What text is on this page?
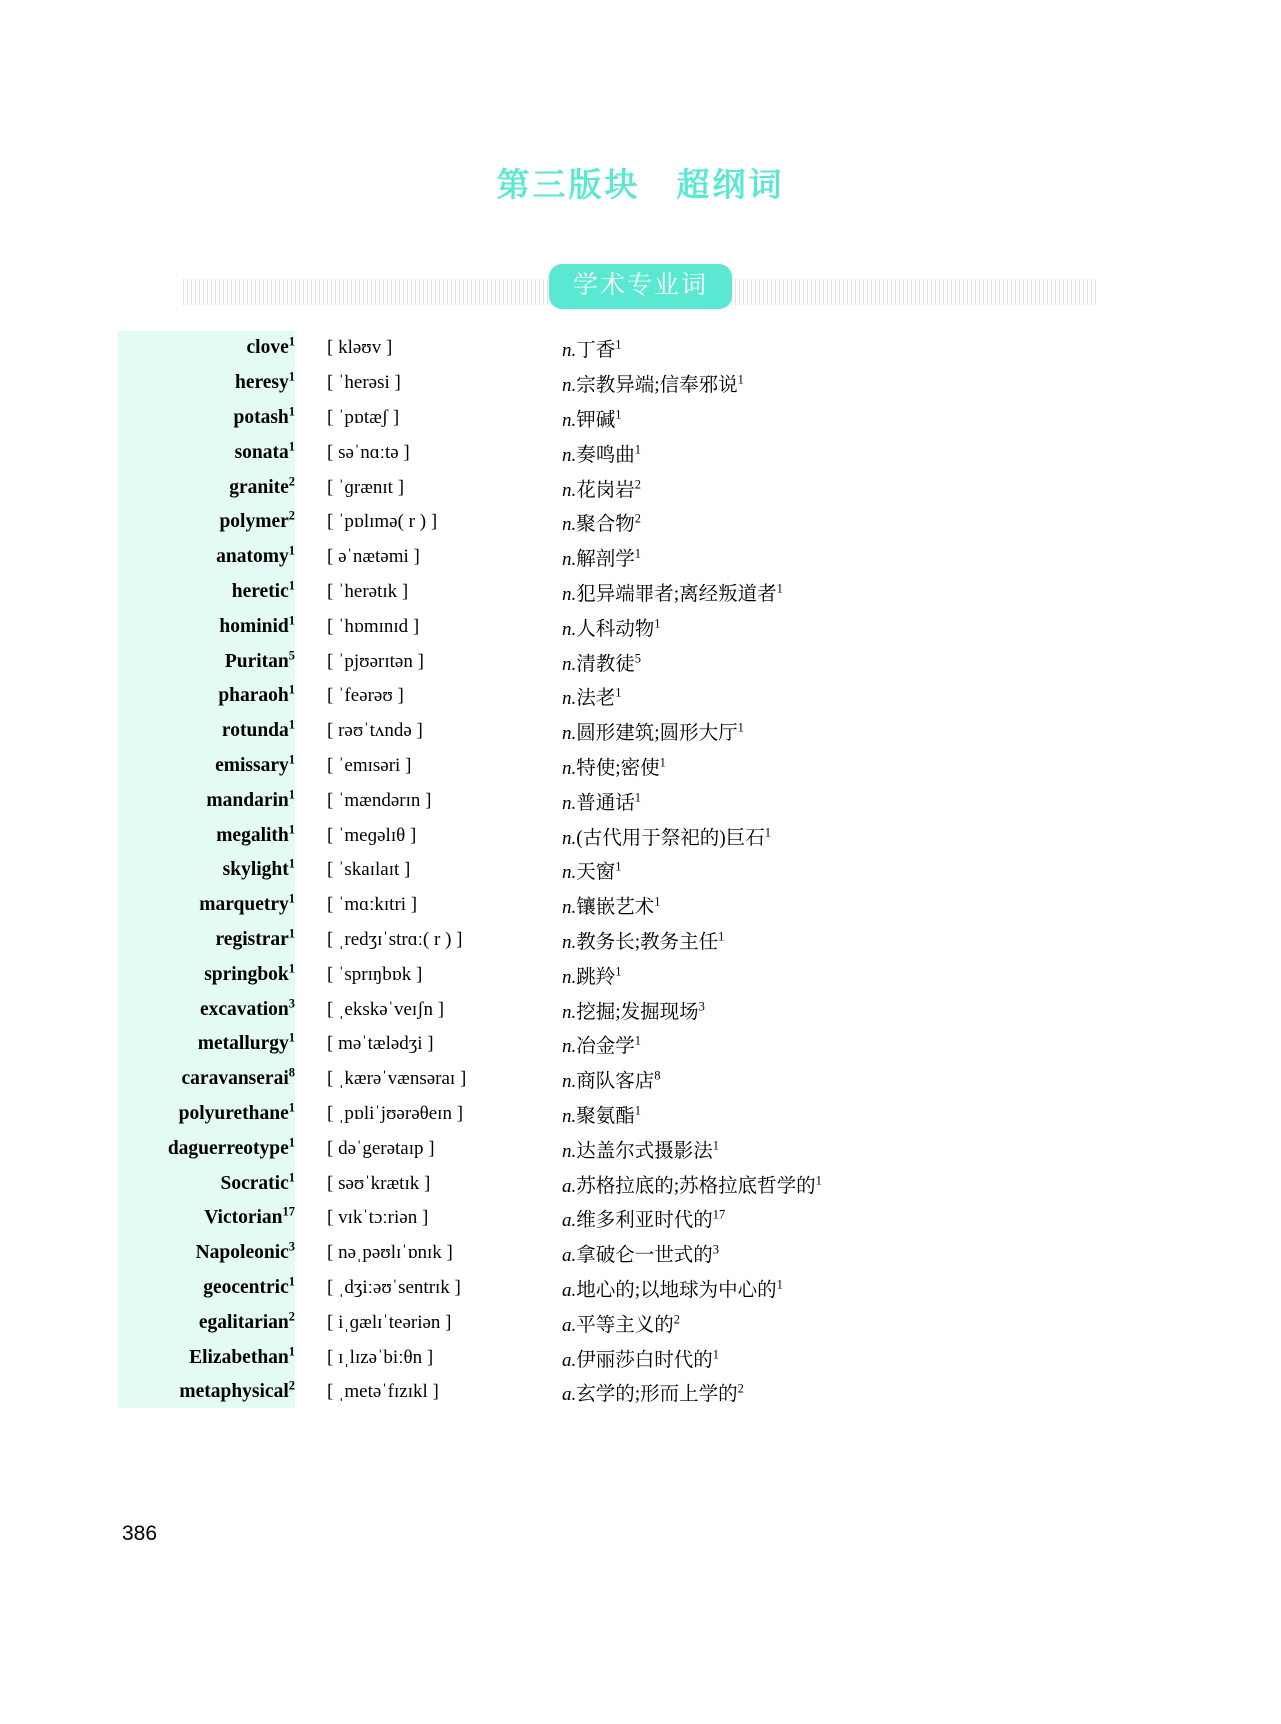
第三版块　超纲词
学术专业词
clove$^1$	[ kləʊv ]	n.丁香$^1$
heresy$^1$	[ ˈherəsi ]	n.宗教异端;信奉邪说$^1$
potash$^1$	[ ˈpɒtæʃ ]	n.钾碱$^1$
sonata$^1$	[ səˈnɑːtə ]	n.奏鸣曲$^1$
granite$^2$	[ ˈɡrænɪt ]	n.花岗岩$^2$
polymer$^2$	[ ˈpɒlɪmə( r ) ]	n.聚合物$^2$
anatomy$^1$	[ əˈnætəmi ]	n.解剖学$^1$
heretic$^1$	[ ˈherətɪk ]	n.犯异端罪者;离经叛道者$^1$
hominid$^1$	[ ˈhɒmɪnɪd ]	n.人科动物$^1$
Puritan$^5$	[ ˈpjʊərɪtən ]	n.清教徒$^5$
pharaoh$^1$	[ ˈfeərəʊ ]	n.法老$^1$
rotunda$^1$	[ rəʊˈtʌndə ]	n.圆形建筑;圆形大厅$^1$
emissary$^1$	[ ˈemɪsəri ]	n.特使;密使$^1$
mandarin$^1$	[ ˈmændərɪn ]	n.普通话$^1$
megalith$^1$	[ ˈmeɡəlɪθ ]	n.(古代用于祭祀的)巨石$^1$
skylight$^1$	[ ˈskaɪlaɪt ]	n.天窗$^1$
marquetry$^1$	[ ˈmɑːkɪtri ]	n.镶嵌艺术$^1$
registrar$^1$	[ ˌredʒɪˈstrɑː( r ) ]	n.教务长;教务主任$^1$
springbok$^1$	[ ˈsprɪŋbɒk ]	n.跳羚$^1$
excavation$^3$	[ ˌekskəˈveɪʃn ]	n.挖掘;发掘现场$^3$
metallurgy$^1$	[ məˈtælədʒi ]	n.冶金学$^1$
caravanserai$^8$	[ ˌkærəˈvænsəraɪ ]	n.商队客店$^8$
polyurethane$^1$	[ ˌpɒliˈjʊərəθeɪn ]	n.聚氨酯$^1$
daguerreotype$^1$	[ dəˈgerətaɪp ]	n.达盖尔式摄影法$^1$
Socratic$^1$	[ səʊˈkrætɪk ]	a.苏格拉底的;苏格拉底哲学的$^1$
Victorian$^{17}$	[ vɪkˈtɔːriən ]	a.维多利亚时代的$^{17}$
Napoleonic$^3$	[ nəˌpəʊlɪˈɒnɪk ]	a.拿破仑一世式的$^3$
geocentric$^1$	[ ˌdʒiːəʊˈsentrɪk ]	a.地心的;以地球为中心的$^1$
egalitarian$^2$	[ iˌɡælɪˈteəriən ]	a.平等主义的$^2$
Elizabethan$^1$	[ ɪˌlɪzəˈbiːθn ]	a.伊丽莎白时代的$^1$
metaphysical$^2$	[ ˌmetəˈfɪzɪkl ]	a.玄学的;形而上学的$^2$
386
